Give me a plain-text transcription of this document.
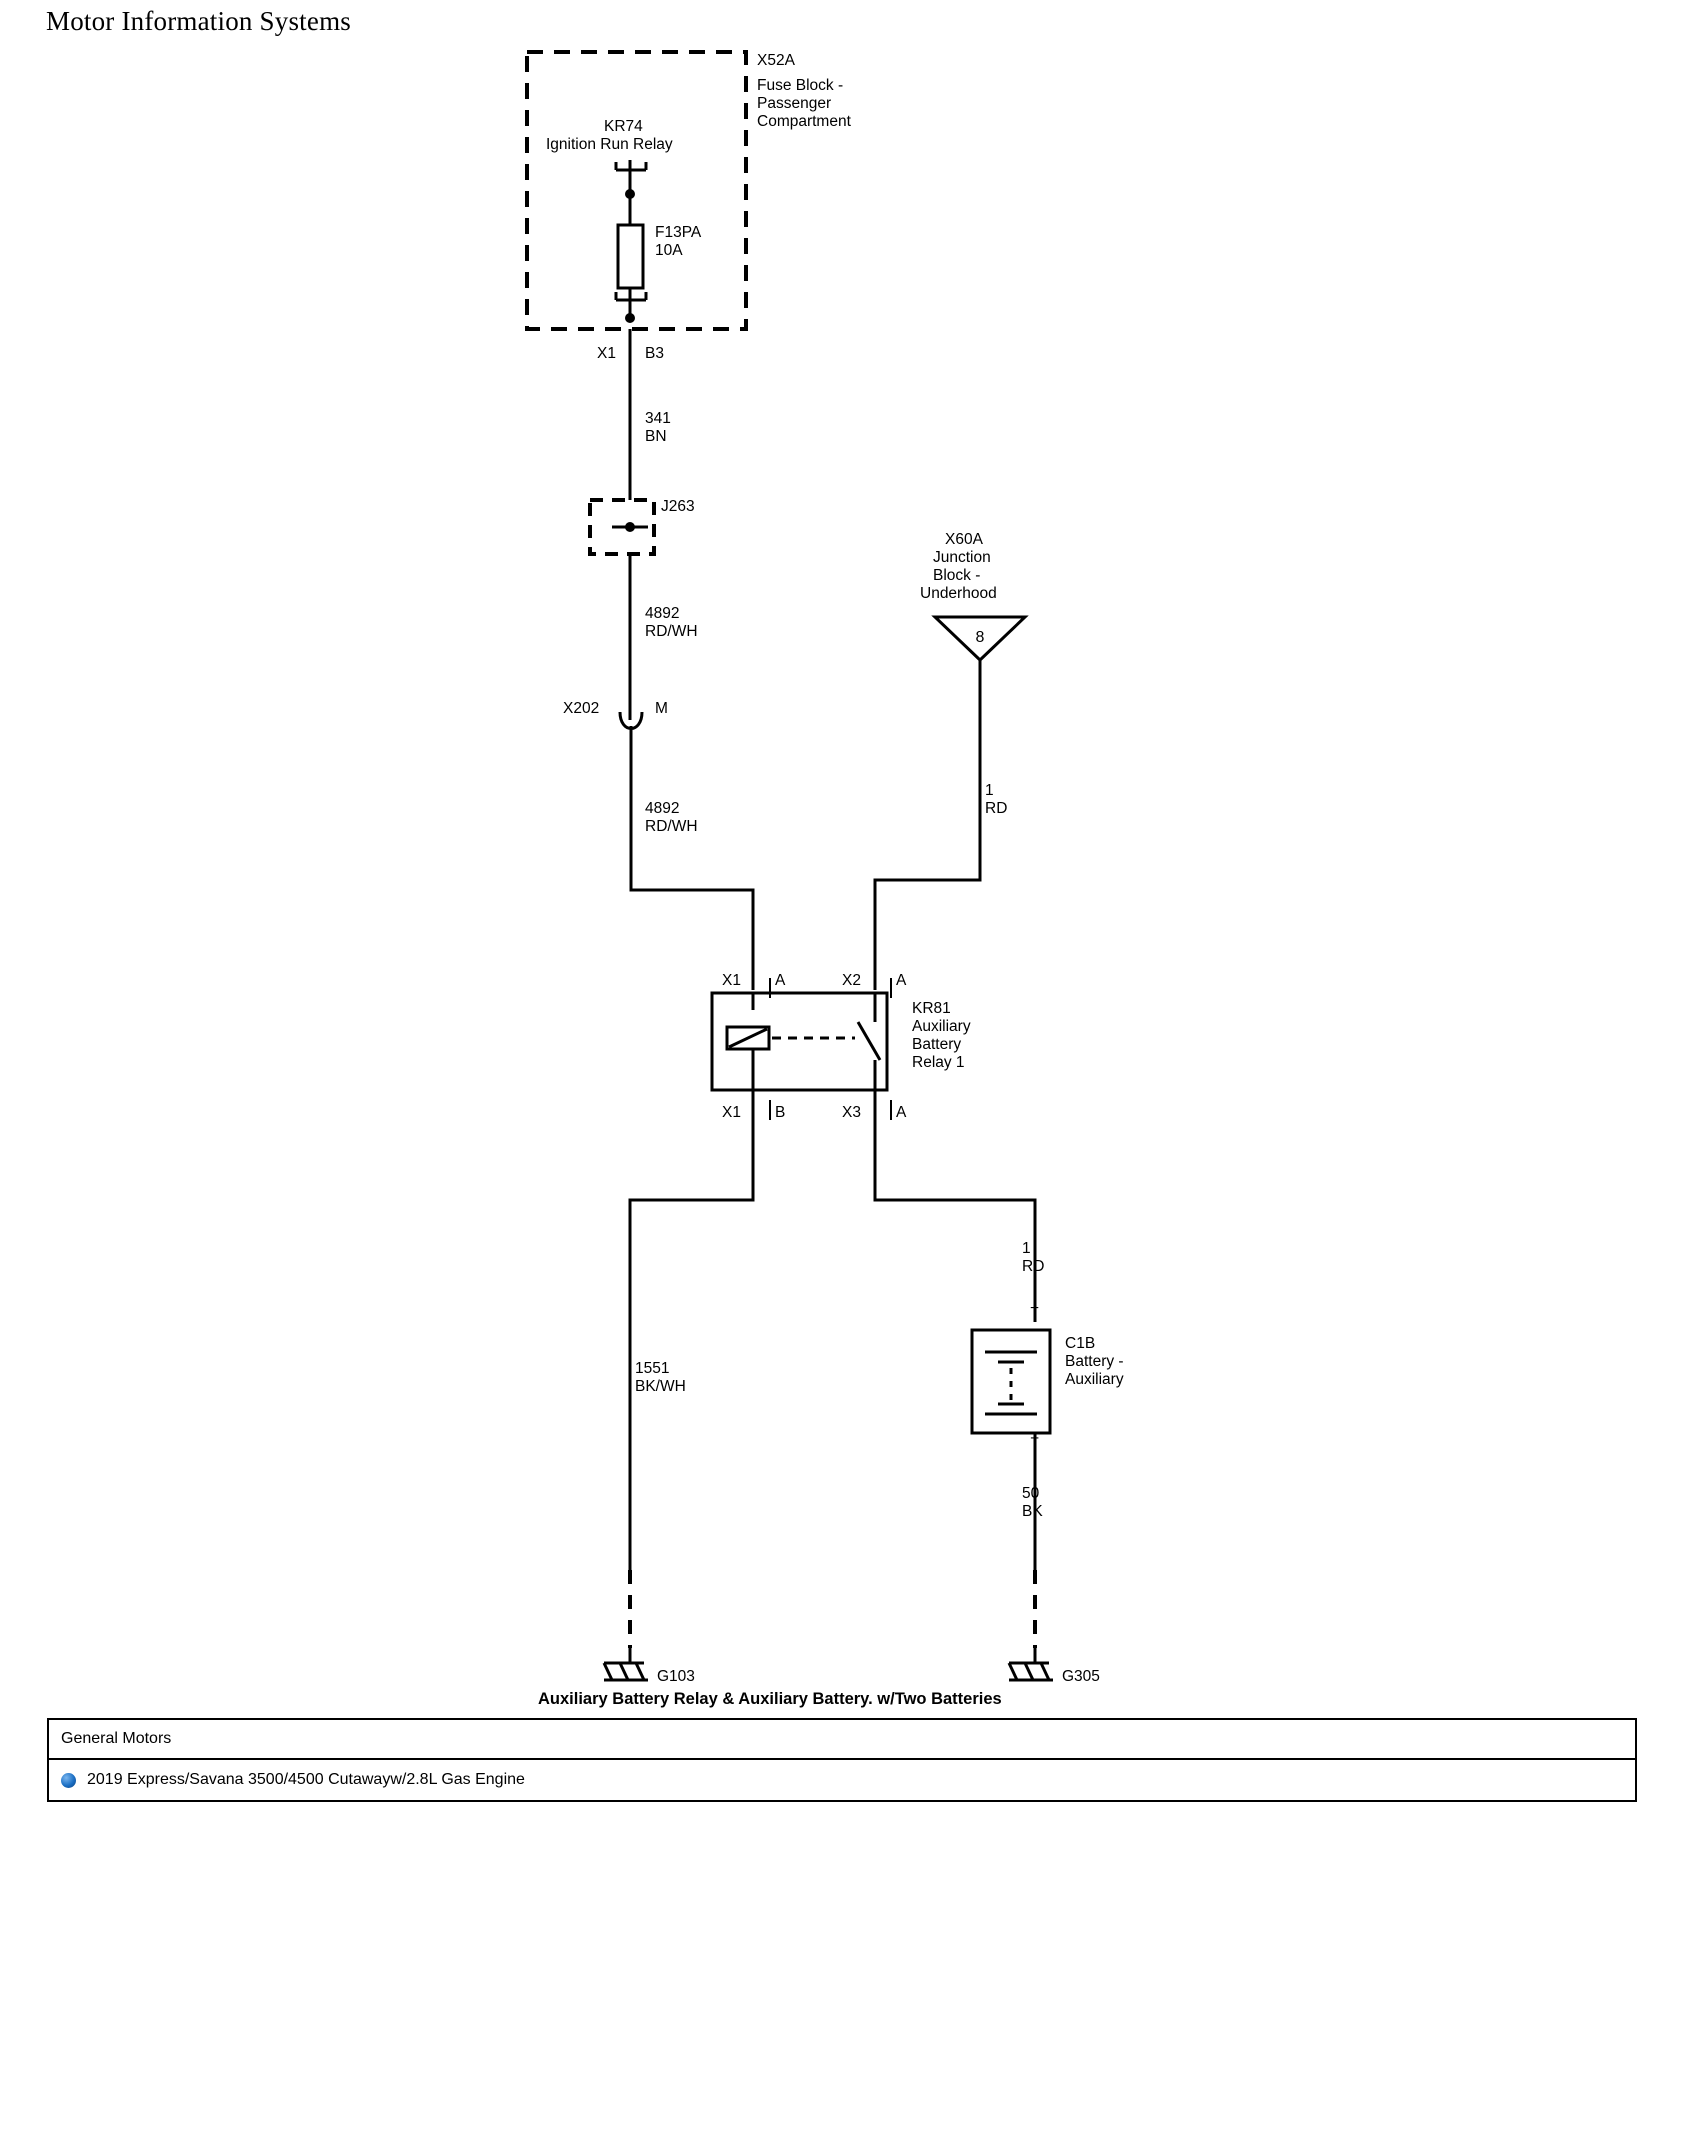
Motor Information Systems
8
X52A
Fuse Block -
Passenger
Compartment
KR74
Ignition Run Relay
F13PA
10A
X1 B3
341
BN
J263
4892
RD/WH
X202	M
4892
RD/WH
X60A
Junction
Block -
Underhood
1
RD
X1 A	X2 A
X1 B	X3 A
KR81
Auxiliary
Battery
Relay 1
1551
BK/WH
1
RD
+
−
C1B
Battery -
Auxiliary
50
BK
G103	G305
Auxiliary Battery Relay & Auxiliary Battery. w/Two Batteries
General Motors
2019 Express/Savana 3500/4500 Cutawayw/2.8L Gas Engine
